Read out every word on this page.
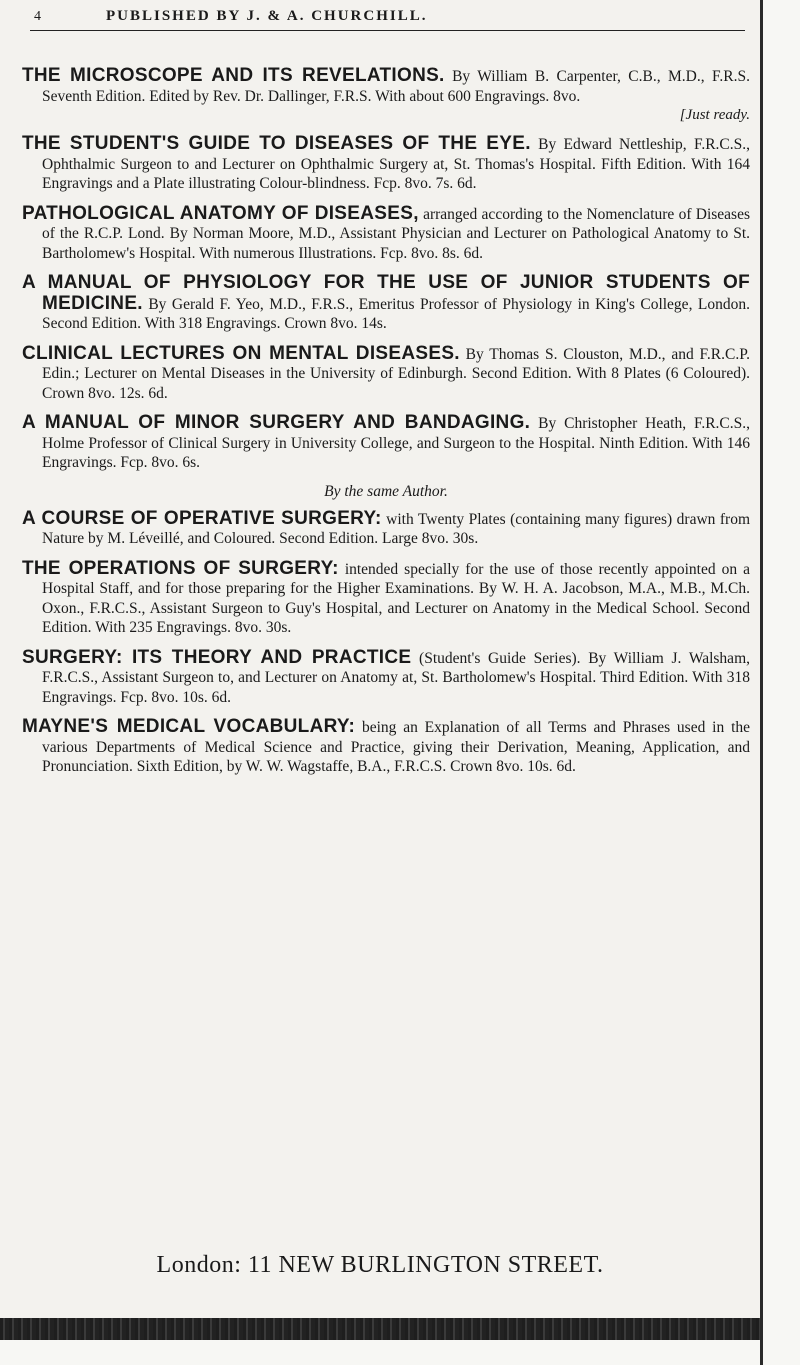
4	PUBLISHED BY J. & A. CHURCHILL.

THE MICROSCOPE AND ITS REVELATIONS. By William B. Carpenter, C.B., M.D., F.R.S. Seventh Edition. Edited by Rev. Dr. Dallinger, F.R.S. With about 600 Engravings. 8vo.
[Just ready.

THE STUDENT'S GUIDE TO DISEASES OF THE EYE. By Edward Nettleship, F.R.C.S., Ophthalmic Surgeon to and Lecturer on Ophthalmic Surgery at, St. Thomas's Hospital. Fifth Edition. With 164 Engravings and a Plate illustrating Colour-blindness. Fcp. 8vo. 7s. 6d.

PATHOLOGICAL ANATOMY OF DISEASES, arranged according to the Nomenclature of Diseases of the R.C.P. Lond. By Norman Moore, M.D., Assistant Physician and Lecturer on Pathological Anatomy to St. Bartholomew's Hospital. With numerous Illustrations. Fcp. 8vo. 8s. 6d.

A MANUAL OF PHYSIOLOGY FOR THE USE OF JUNIOR STUDENTS OF MEDICINE. By Gerald F. Yeo, M.D., F.R.S., Emeritus Professor of Physiology in King's College, London. Second Edition. With 318 Engravings. Crown 8vo. 14s.

CLINICAL LECTURES ON MENTAL DISEASES. By Thomas S. Clouston, M.D., and F.R.C.P. Edin.; Lecturer on Mental Diseases in the University of Edinburgh. Second Edition. With 8 Plates (6 Coloured). Crown 8vo. 12s. 6d.

A MANUAL OF MINOR SURGERY AND BANDAGING. By Christopher Heath, F.R.C.S., Holme Professor of Clinical Surgery in University College, and Surgeon to the Hospital. Ninth Edition. With 146 Engravings. Fcp. 8vo. 6s.

By the same Author.

A COURSE OF OPERATIVE SURGERY: with Twenty Plates (containing many figures) drawn from Nature by M. Léveillé, and Coloured. Second Edition. Large 8vo. 30s.

THE OPERATIONS OF SURGERY: intended specially for the use of those recently appointed on a Hospital Staff, and for those preparing for the Higher Examinations. By W. H. A. Jacobson, M.A., M.B., M.Ch. Oxon., F.R.C.S., Assistant Surgeon to Guy's Hospital, and Lecturer on Anatomy in the Medical School. Second Edition. With 235 Engravings. 8vo. 30s.

SURGERY: ITS THEORY AND PRACTICE (Student's Guide Series). By William J. Walsham, F.R.C.S., Assistant Surgeon to, and Lecturer on Anatomy at, St. Bartholomew's Hospital. Third Edition. With 318 Engravings. Fcp. 8vo. 10s. 6d.

MAYNE'S MEDICAL VOCABULARY: being an Explanation of all Terms and Phrases used in the various Departments of Medical Science and Practice, giving their Derivation, Meaning, Application, and Pronunciation. Sixth Edition, by W. W. Wagstaffe, B.A., F.R.C.S. Crown 8vo. 10s. 6d.

London: 11 NEW BURLINGTON STREET.
